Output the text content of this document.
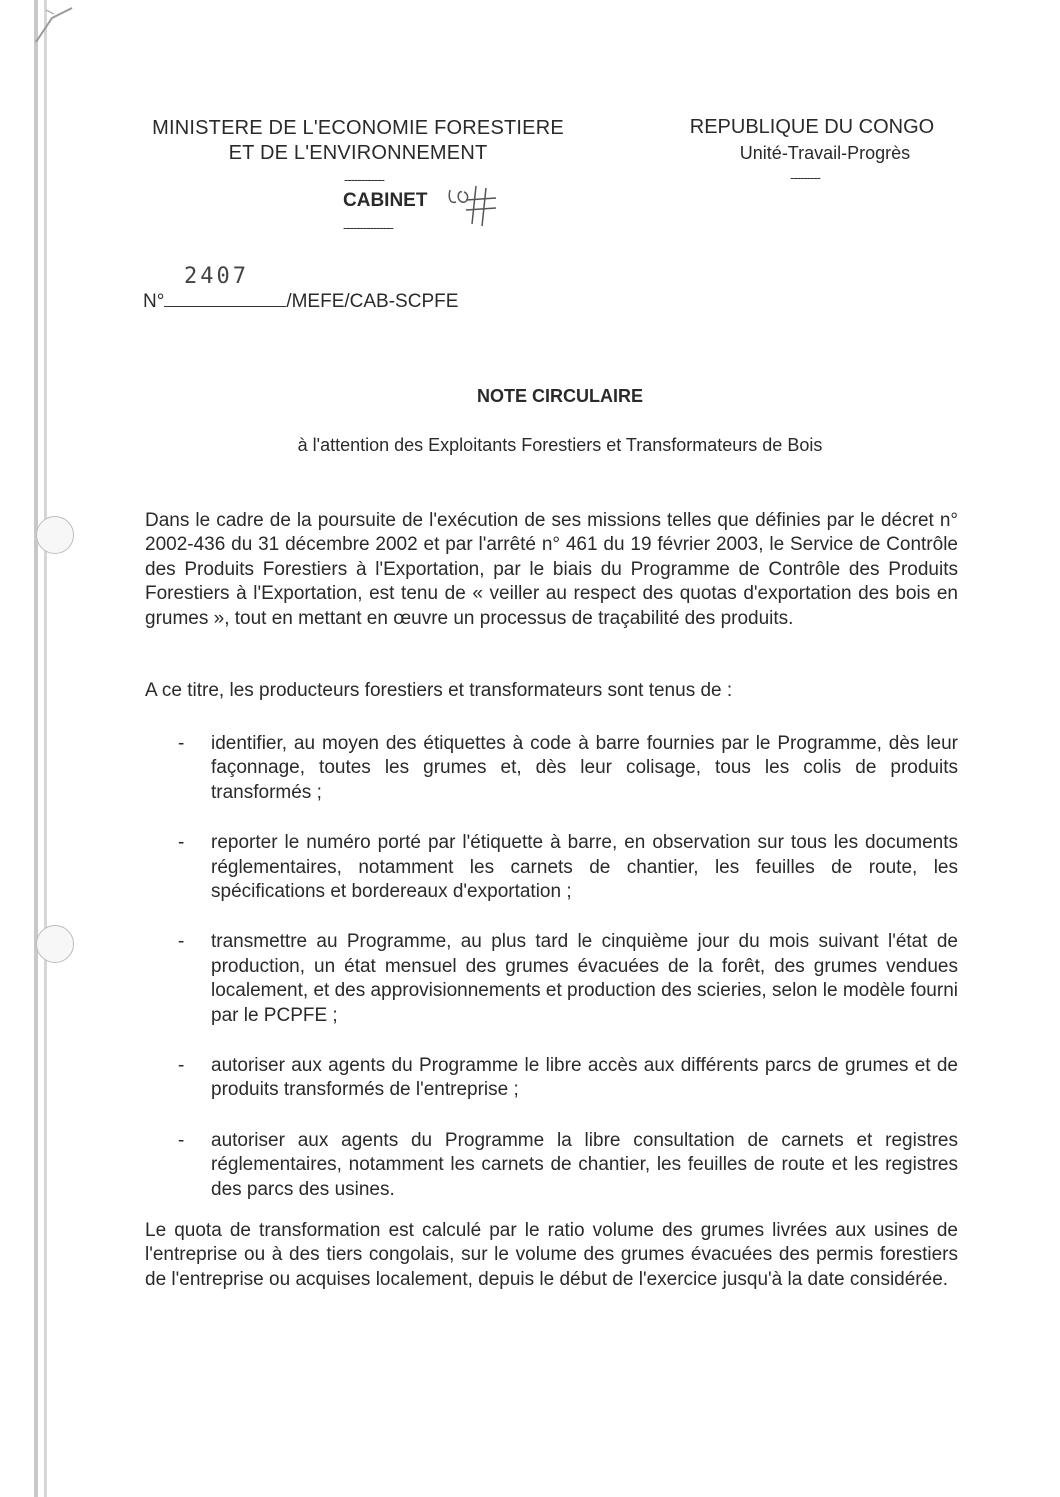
MINISTERE DE L'ECONOMIE FORESTIERE
ET DE L'ENVIRONNEMENT
------------
CABINET
---------------
REPUBLIQUE DU CONGO
Unité-Travail-Progrès
---------
2407
N°	/MEFE/CAB-SCPFE
NOTE CIRCULAIRE
à l'attention des Exploitants Forestiers et Transformateurs de Bois
Dans le cadre de la poursuite de l'exécution de ses missions telles que définies par le décret n° 2002-436 du 31 décembre 2002 et par l'arrêté n° 461 du 19 février 2003, le Service de Contrôle des Produits Forestiers à l'Exportation, par le biais du Programme de Contrôle des Produits Forestiers à l'Exportation, est tenu de « veiller au respect des quotas d'exportation des bois en grumes », tout en mettant en œuvre un processus de traçabilité des produits.
A ce titre, les producteurs forestiers et transformateurs sont tenus de :
- identifier, au moyen des étiquettes à code à barre fournies par le Programme, dès leur façonnage, toutes les grumes et, dès leur colisage, tous les colis de produits transformés ;
- reporter le numéro porté par l'étiquette à barre, en observation sur tous les documents réglementaires, notamment les carnets de chantier, les feuilles de route, les spécifications et bordereaux d'exportation ;
- transmettre au Programme, au plus tard le cinquième jour du mois suivant l'état de production, un état mensuel des grumes évacuées de la forêt, des grumes vendues localement, et des approvisionnements et production des scieries, selon le modèle fourni par le PCPFE ;
- autoriser aux agents du Programme le libre accès aux différents parcs de grumes et de produits transformés de l'entreprise ;
- autoriser aux agents du Programme la libre consultation de carnets et registres réglementaires, notamment les carnets de chantier, les feuilles de route et les registres des parcs des usines.
Le quota de transformation est calculé par le ratio volume des grumes livrées aux usines de l'entreprise ou à des tiers congolais, sur le volume des grumes évacuées des permis forestiers de l'entreprise ou acquises localement, depuis le début de l'exercice jusqu'à la date considérée.
